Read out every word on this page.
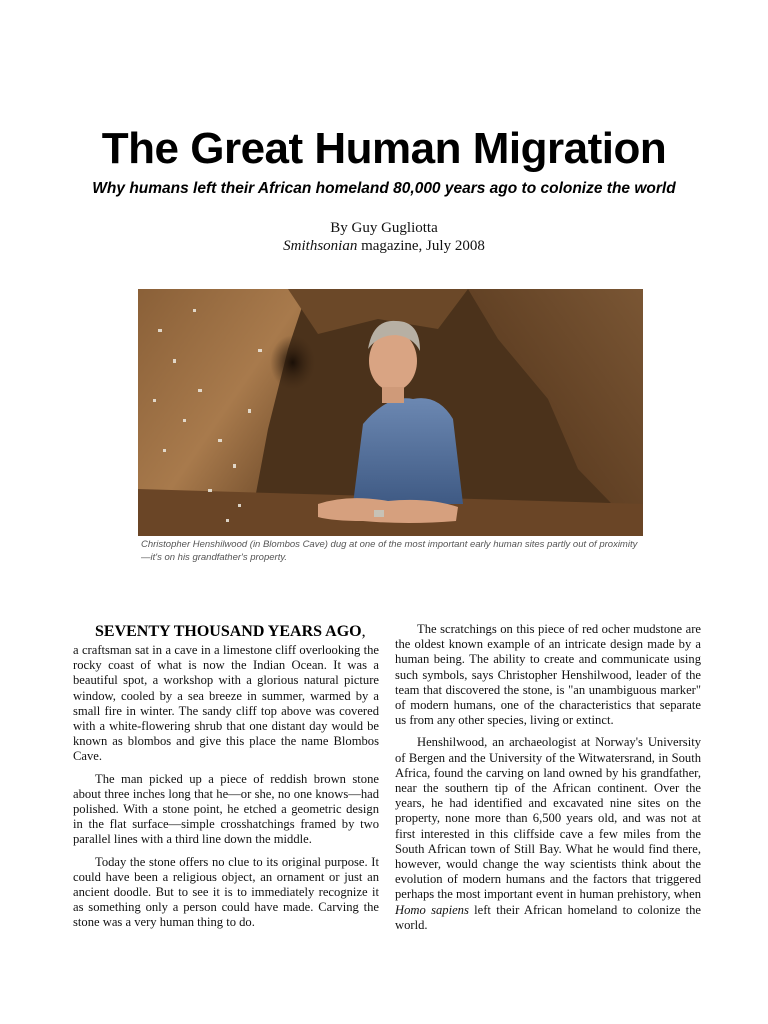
The Great Human Migration
Why humans left their African homeland 80,000 years ago to colonize the world
By Guy Gugliotta
Smithsonian magazine, July 2008
Christopher Henshilwood (in Blombos Cave) dug at one of the most important early human sites partly out of proximity—it's on his grandfather's property.

SEVENTY THOUSAND YEARS AGO,
a craftsman sat in a cave in a limestone cliff overlooking the rocky coast of what is now the Indian Ocean. It was a beautiful spot, a workshop with a glorious natural picture window, cooled by a sea breeze in summer, warmed by a small fire in winter. The sandy cliff top above was covered with a white-flowering shrub that one distant day would be known as blombos and give this place the name Blombos Cave.

The man picked up a piece of reddish brown stone about three inches long that he—or she, no one knows—had polished. With a stone point, he etched a geometric design in the flat surface—simple crosshatchings framed by two parallel lines with a third line down the middle.

Today the stone offers no clue to its original purpose. It could have been a religious object, an ornament or just an ancient doodle. But to see it is to immediately recognize it as something only a person could have made. Carving the stone was a very human thing to do.

The scratchings on this piece of red ocher mudstone are the oldest known example of an intricate design made by a human being. The ability to create and communicate using such symbols, says Christopher Henshilwood, leader of the team that discovered the stone, is "an unambiguous marker" of modern humans, one of the characteristics that separate us from any other species, living or extinct.

Henshilwood, an archaeologist at Norway's University of Bergen and the University of the Witwatersrand, in South Africa, found the carving on land owned by his grandfather, near the southern tip of the African continent. Over the years, he had identified and excavated nine sites on the property, none more than 6,500 years old, and was not at first interested in this cliffside cave a few miles from the South African town of Still Bay. What he would find there, however, would change the way scientists think about the evolution of modern humans and the factors that triggered perhaps the most important event in human prehistory, when Homo sapiens left their African homeland to colonize the world.
